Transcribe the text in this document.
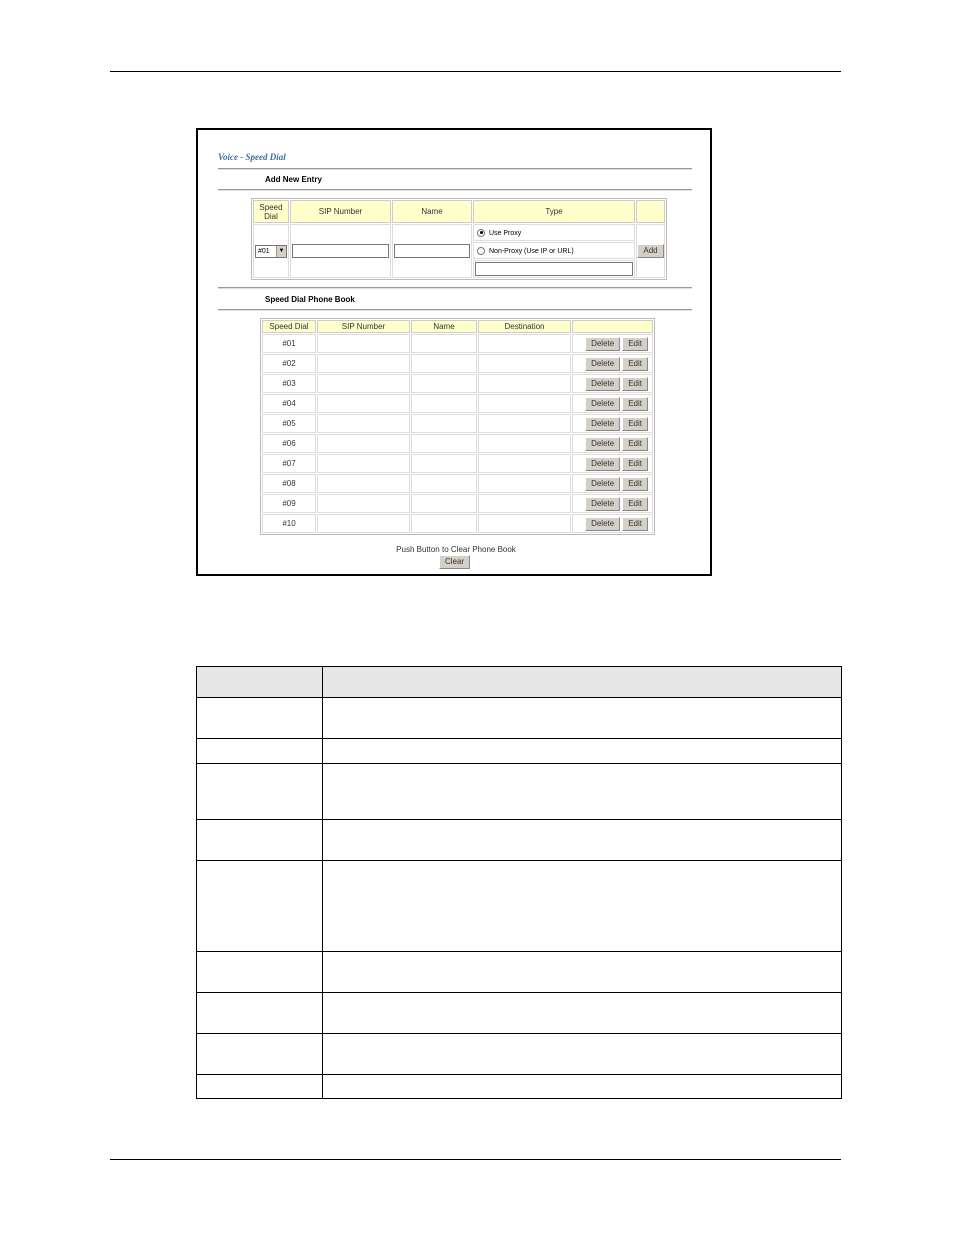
Voice - Speed Dial
Add New Entry
Speed Dial	SIP Number	Name	Type	
#01 ▼			Use Proxy	Add
			Non-Proxy (Use IP or URL)	

Speed Dial Phone Book
Speed Dial	SIP Number	Name	Destination	
#01				Delete Edit
#02				Delete Edit
#03				Delete Edit
#04				Delete Edit
#05				Delete Edit
#06				Delete Edit
#07				Delete Edit
#08				Delete Edit
#09				Delete Edit
#10				Delete Edit
Push Button to Clear Phone Book
Clear
